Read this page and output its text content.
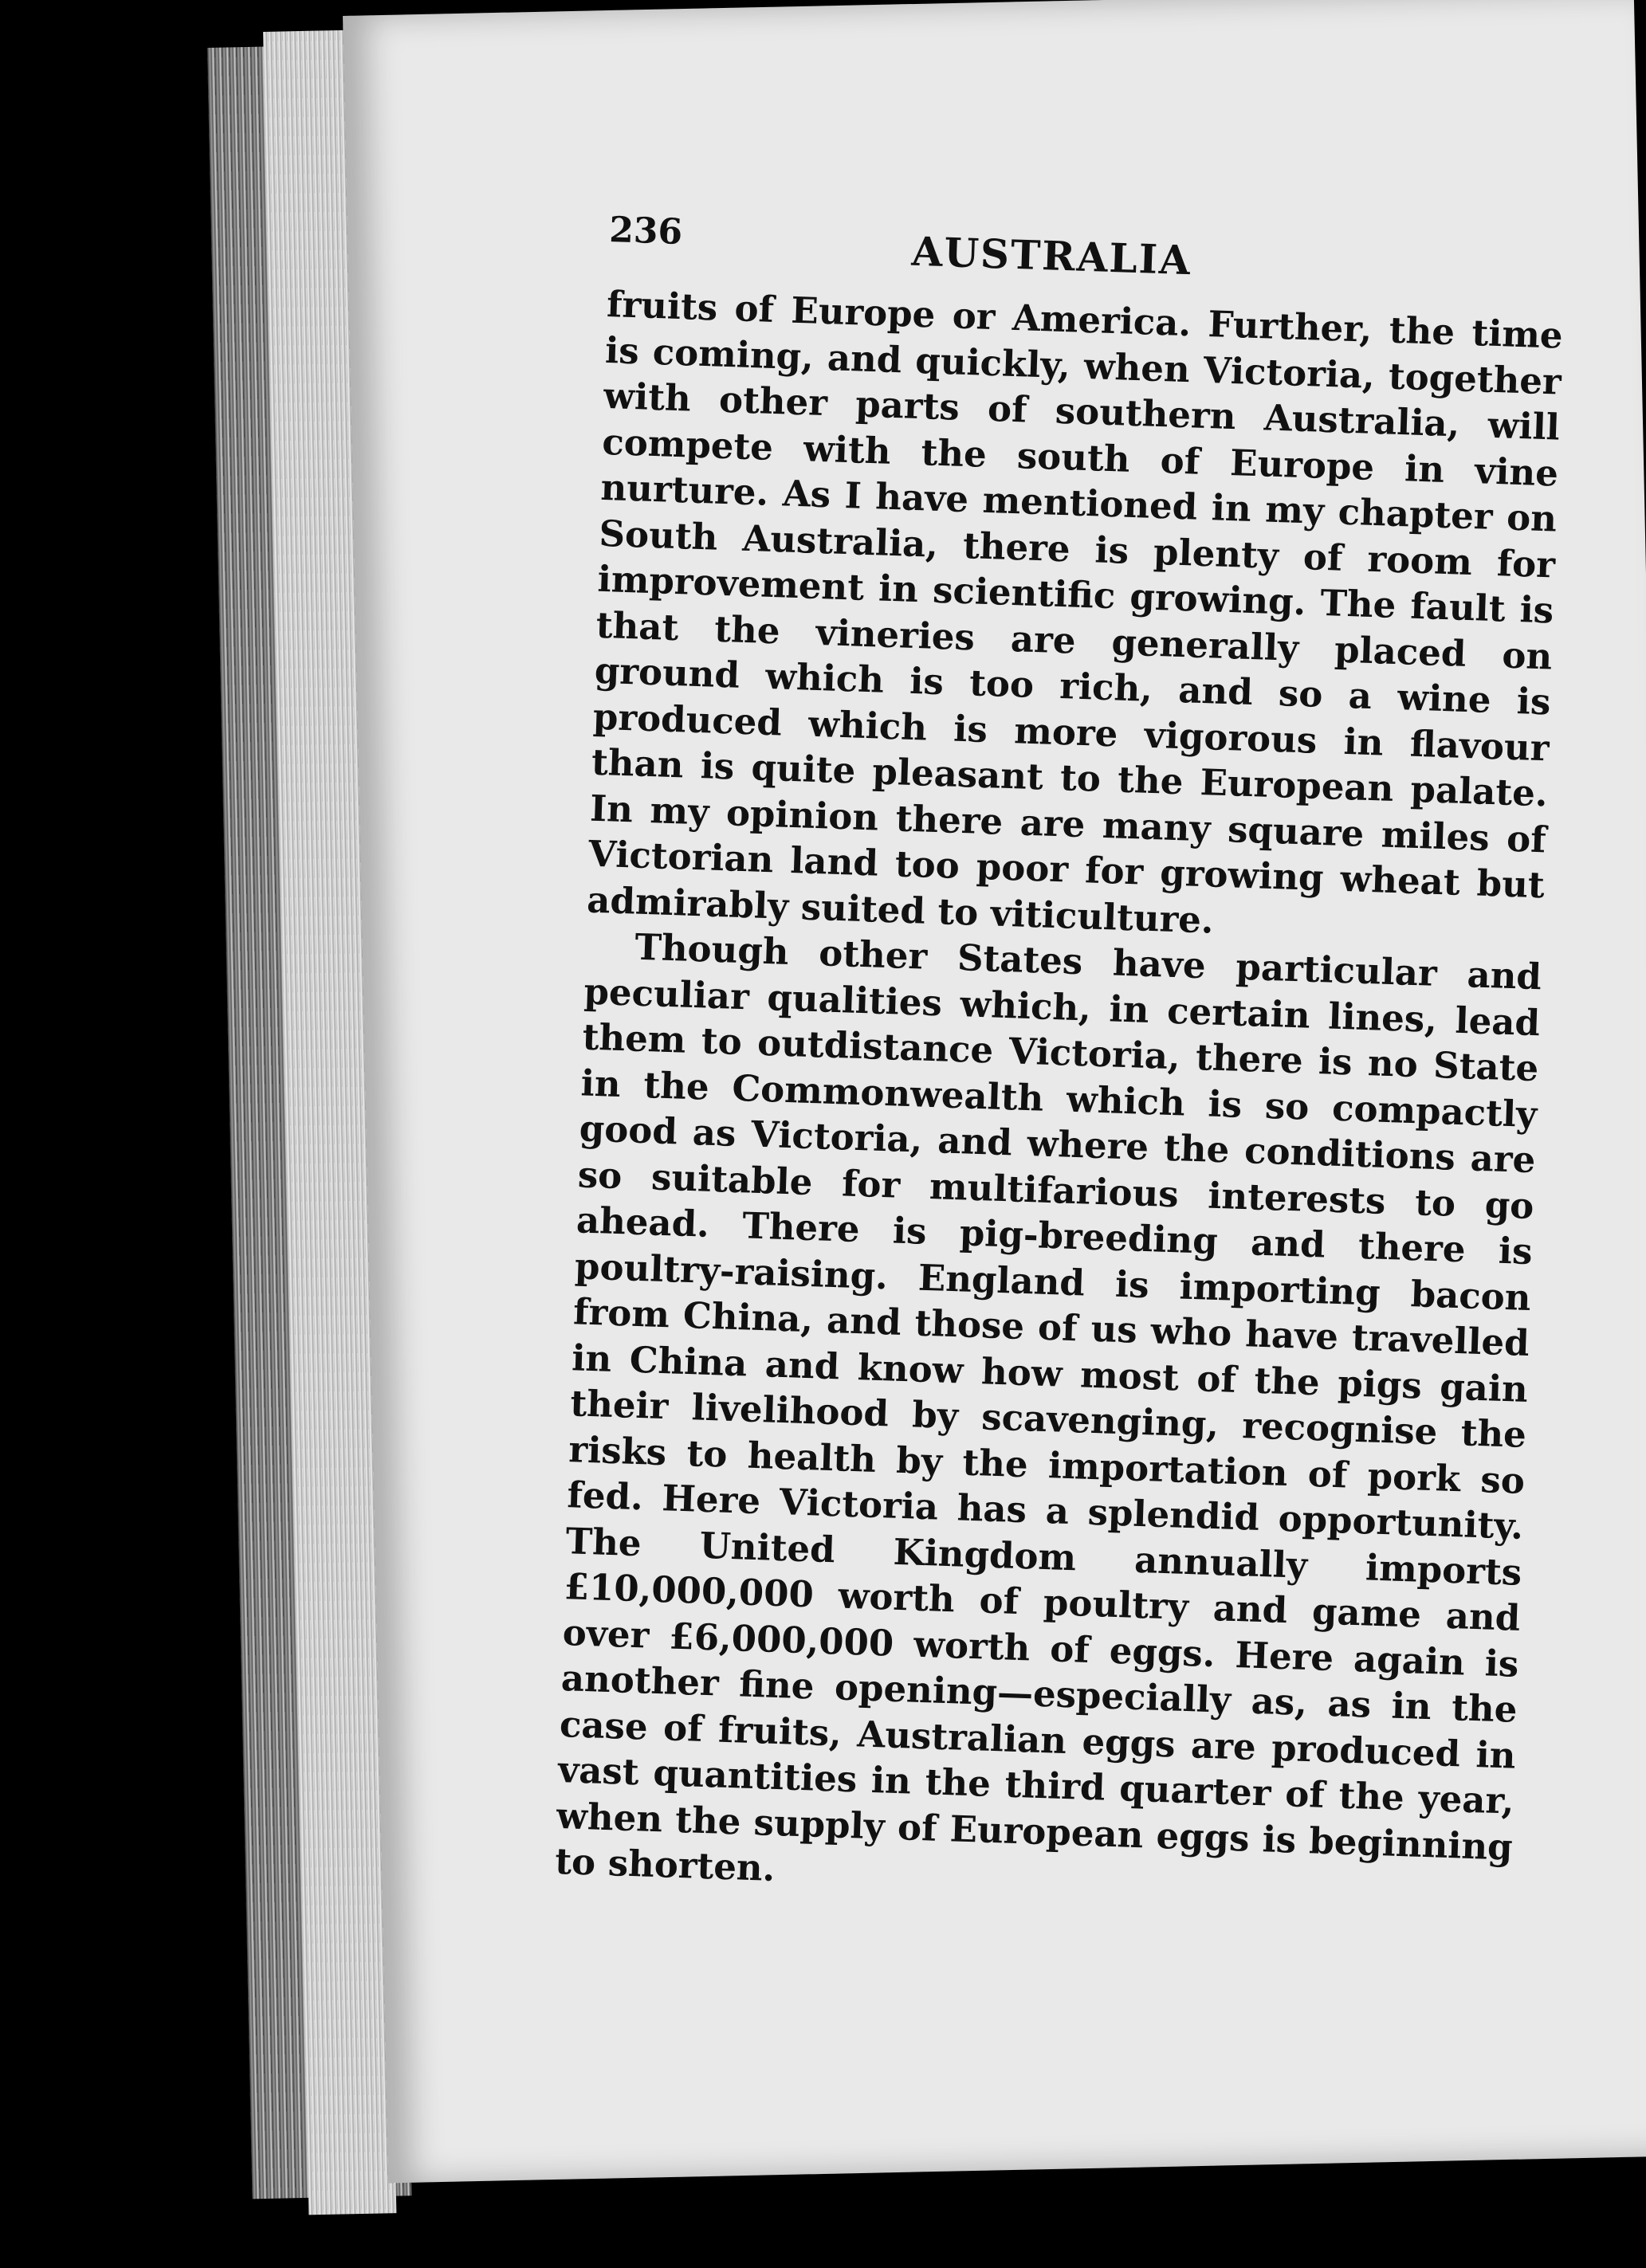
236	AUSTRALIA

fruits of Europe or America. Further, the time is coming, and quickly, when Victoria, together with other parts of southern Australia, will compete with the south of Europe in vine nurture. As I have mentioned in my chapter on South Australia, there is plenty of room for improvement in scientific growing. The fault is that the vineries are generally placed on ground which is too rich, and so a wine is produced which is more vigorous in flavour than is quite pleasant to the European palate. In my opinion there are many square miles of Victorian land too poor for growing wheat but admirably suited to viticulture.

Though other States have particular and peculiar qualities which, in certain lines, lead them to outdistance Victoria, there is no State in the Commonwealth which is so compactly good as Victoria, and where the conditions are so suitable for multifarious interests to go ahead. There is pig-breeding and there is poultry-raising. England is importing bacon from China, and those of us who have travelled in China and know how most of the pigs gain their livelihood by scavenging, recognise the risks to health by the importation of pork so fed. Here Victoria has a splendid opportunity. The United Kingdom annually imports £10,000,000 worth of poultry and game and over £6,000,000 worth of eggs. Here again is another fine opening—especially as, as in the case of fruits, Australian eggs are produced in vast quantities in the third quarter of the year, when the supply of European eggs is beginning to shorten.
